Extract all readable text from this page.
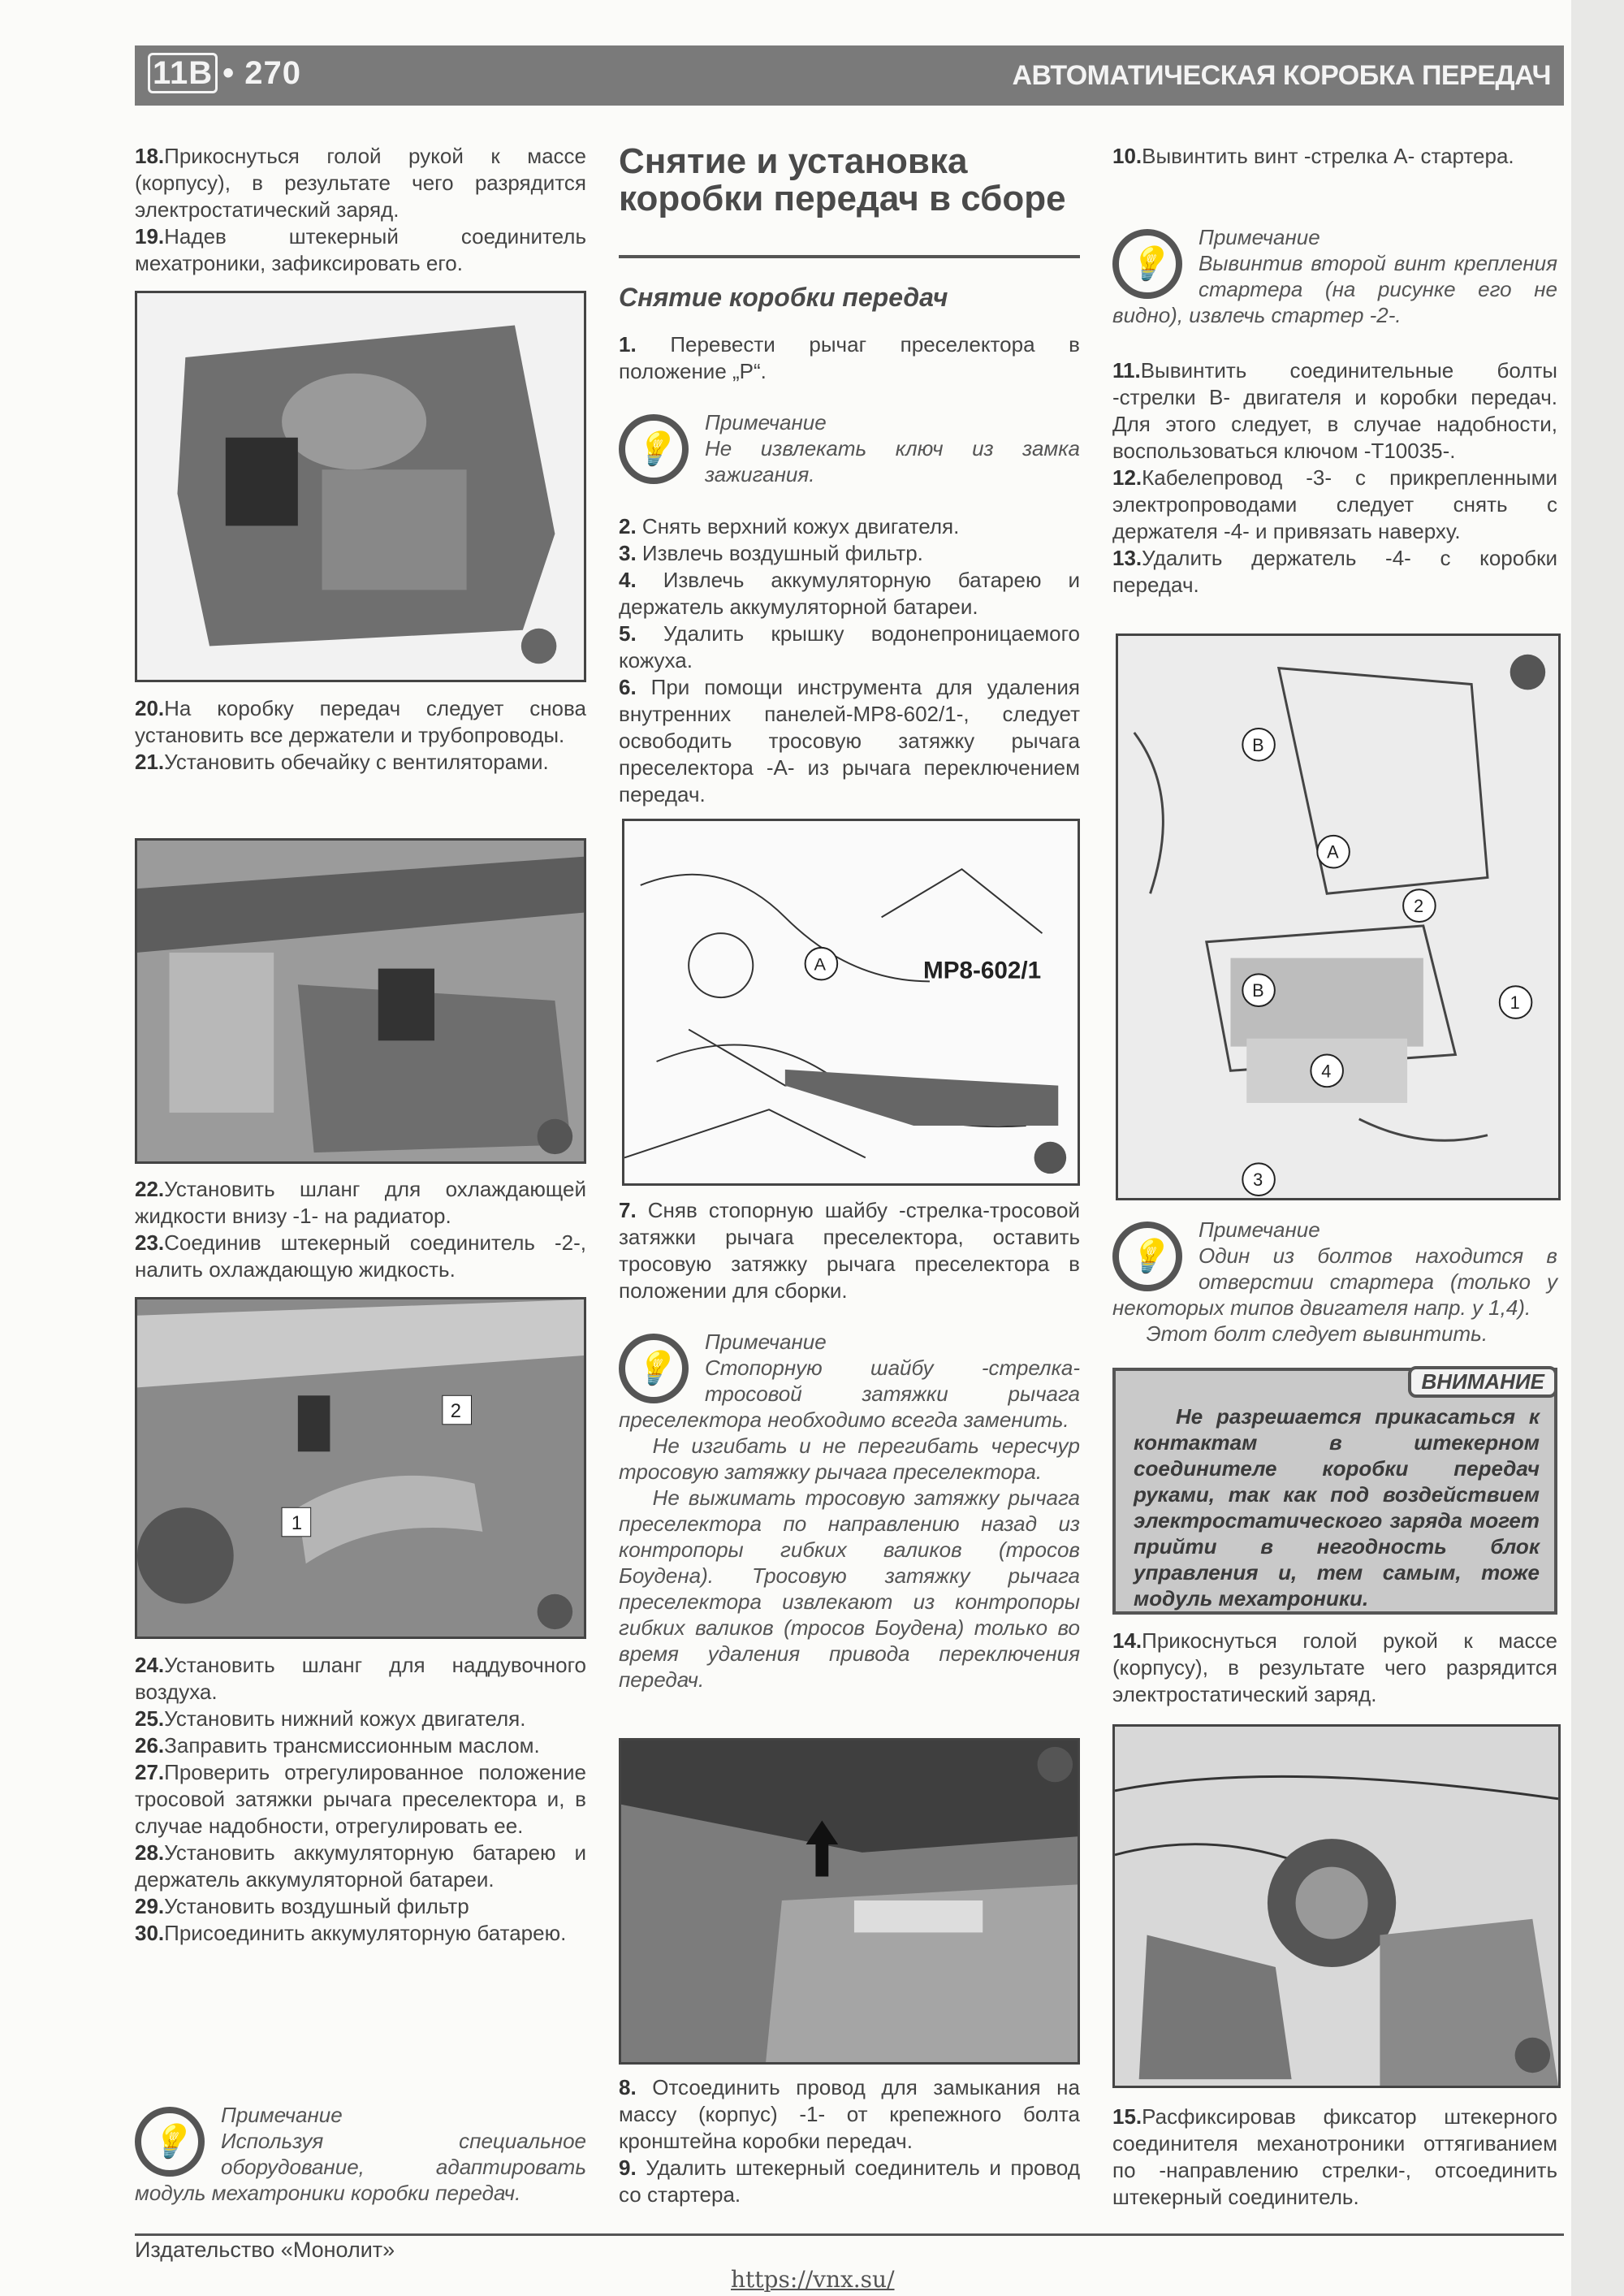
11B • 270	АВТОМАТИЧЕСКАЯ КОРОБКА ПЕРЕДАЧ

18.Прикоснуться голой рукой к массе (корпусу), в результате чего разрядится электростатический заряд.

19.Надев штекерный соединитель мехатроники, зафиксировать его.

20.На коробку передач следует снова установить все держатели и трубопроводы.

21.Установить обечайку с вентиляторами.

22.Установить шланг для охлаждающей жидкости внизу -1- на радиатор.

23.Соединив штекерный соединитель -2-, налить охлаждающую жидкость.

2
1

24.Установить шланг для наддувочного воздуха.

25.Установить нижний кожух двигателя.

26.Заправить трансмиссионным маслом.

27.Проверить отрегулированное положение тросовой затяжки рычага преселектора и, в случае надобности, отрегулировать ее.

28.Установить аккумуляторную батарею и держатель аккумуляторной батареи.

29.Установить воздушный фильтр

30.Присоединить аккумуляторную батарею.

💡
Примечание
Используя специальное оборудование, адаптировать модуль мехатроники коробки передач.
Снятие и установка коробки передач в сборе
Снятие коробки передач

1. Перевести рычаг преселектора в положение „P“.

💡
Примечание
Не извлекать ключ из замка зажигания.

2. Снять верхний кожух двигателя.

3. Извлечь воздушный фильтр.

4. Извлечь аккумуляторную батарею и держатель аккумуляторной батареи.

5. Удалить крышку водонепроницаемого кожуха.

6. При помощи инструмента для удаления внутренних панелей-MP8-602/1-, следует освободить тросовую затяжку рычага преселектора -А- из рычага переключением передач.

A	MP8-602/1

7. Сняв стопорную шайбу -стрелка-тросовой затяжки рычага преселектора, оставить тросовую затяжку рычага преселектора в положении для сборки.

💡
Примечание
Стопорную шайбу -стрелка- тросовой затяжки рычага преселектора необходимо всегда заменить.
Не изгибать и не перегибать чересчур тросовую затяжку рычага преселектора.
Не выжимать тросовую затяжку рычага преселектора по направлению назад из контропоры гибких валиков (тросов Боудена). Тросовую затяжку рычага преселектора извлекают из контропоры гибких валиков (тросов Боудена) только во время удаления привода переключения передач.

8. Отсоединить провод для замыкания на массу (корпус) -1- от крепежного болта кронштейна коробки передач.

9. Удалить штекерный соединитель и провод со стартера.

10.Вывинтить винт -стрелка А- стартера.

💡
Примечание
Вывинтив второй винт крепления стартера (на рисунке его не видно), извлечь стартер -2-.

11.Вывинтить соединительные болты -стрелки В- двигателя и коробки передач. Для этого следует, в случае надобности, воспользоваться ключом -T10035-.

12.Кабелепровод -3- с прикрепленными электропроводами следует снять с держателя -4- и привязать наверху.

13.Удалить держатель -4- с коробки передач.

B
A
2
B
1
4
3
💡
Примечание
Один из болтов находится в отверстии стартера (только у некоторых типов двигателя напр. у 1,4).
Этот болт следует вывинтить.
ВНИМАНИЕ
Не разрешается прикасаться к контактам в штекерном соединителе коробки передач руками, так как под воздействием электростатического заряда могет прийти в негодность блок управления и, тем самым, тоже модуль мехатроники.

14.Прикоснуться голой рукой к массе (корпусу), в результате чего разрядится электростатический заряд.

15.Расфиксировав фиксатор штекерного соединителя механотроники оттягиванием по -направлению стрелки-, отсоединить штекерный соединитель.

Издательство «Монолит»
https://vnx.su/
